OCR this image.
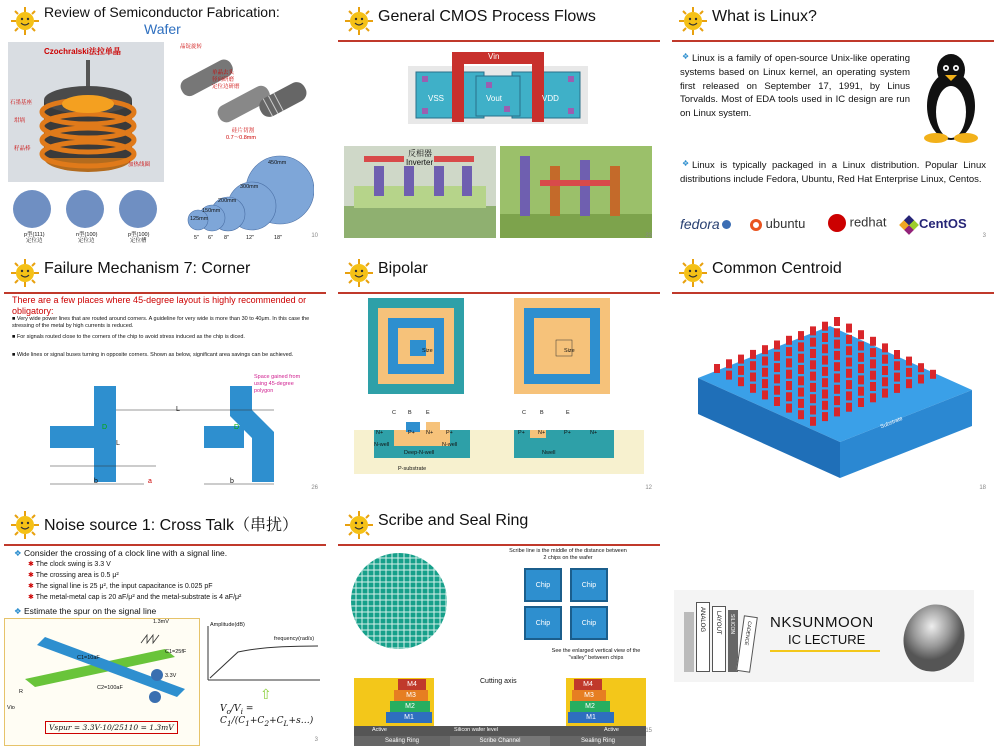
Review of Semiconductor Fabrication:
Wafer
Czochralski法拉单晶
石墨基座
坩埚
籽晶棒
加热线圈
晶锭旋转
单晶去头
径向研磨
定位边研磨
硅片切割
0.7～0.8mm
p型(111)	n型(100)	p型(100)
定位边	定位边	定位槽
450mm
300mm
200mm
150mm
125mm
5" 6" 8"	12"	18"	10
General CMOS Process Flows
Vin
VSS	Vout	VDD
反相器
Inverter
23
What is Linux?
❖ Linux is a family of open-source Unix-like operating systems based on Linux kernel, an operating system first released on September 17, 1991, by Linus Torvalds. Most of EDA tools used in IC design are run on Linux system.
❖ Linux is typically packaged in a Linux distribution. Popular Linux distributions include Fedora, Ubuntu, Red Hat Enterprise Linux, Centos.
fedora	ubuntu	redhat	CentOS
3
Failure Mechanism 7: Corner
There are a few places where 45-degree layout is highly recommended or obligatory:
■ Very wide power lines that are routed around corners. A guideline for very wide is more than 30 to 40μm. In this case the stressing of the metal by high currents is reduced.
■ For signals routed close to the corners of the chip to avoid stress induced as the chip is diced.
■ Wide lines or signal buses turning in opposite corners. Shown as below, significant area savings can be achieved.
Space gained from using 45-degree polygon
L
L
D	D
b	a	b
26
Bipolar
Size	Size
C B	E	C	B	E
N+	P+ N+ P+	P+ N+	P+	N+
N-well	N-well
Deep-N-well	Nwell
P-substrate
12
Common Centroid
Substrate
18
Noise source 1: Cross Talk（串扰）
❖ Consider the crossing of a clock line with a signal line.
✱ The clock swing is 3.3 V
✱ The crossing area is 0.5 μ²
✱ The signal line is 25 μ², the input capacitance is 0.025 pF
✱ The metal-metal cap is 20 aF/μ² and the metal-substrate is 4 aF/μ²
❖ Estimate the spur on the signal line
1.3mV
C1=10aF
C1=25fF
C2=100aF
3.3V
R
Vio
Vspur = 3.3V·10/25110 = 1.3mV
Amplitude(dB)
frequency(rad/s)
⇧
$V_o/V_i$ = $C_1/(C_1+C_2+C_L+s\dots)$
3
Scribe and Seal Ring
Scribe line is the middle of the distance between 2 chips on the wafer
Chip	Chip
Chip	Chip
See the enlarged vertical view of the "valley" between chips
Cutting axis
M4
M3
M2
M1
M4
M3
M2
M1
Active	Silicon wafer level	Active
Sealing Ring	Scribe Channel	Sealing Ring
15
ANALOG LAYOUT SILICON CADENCE NKSUNMOON
IC LECTURE
